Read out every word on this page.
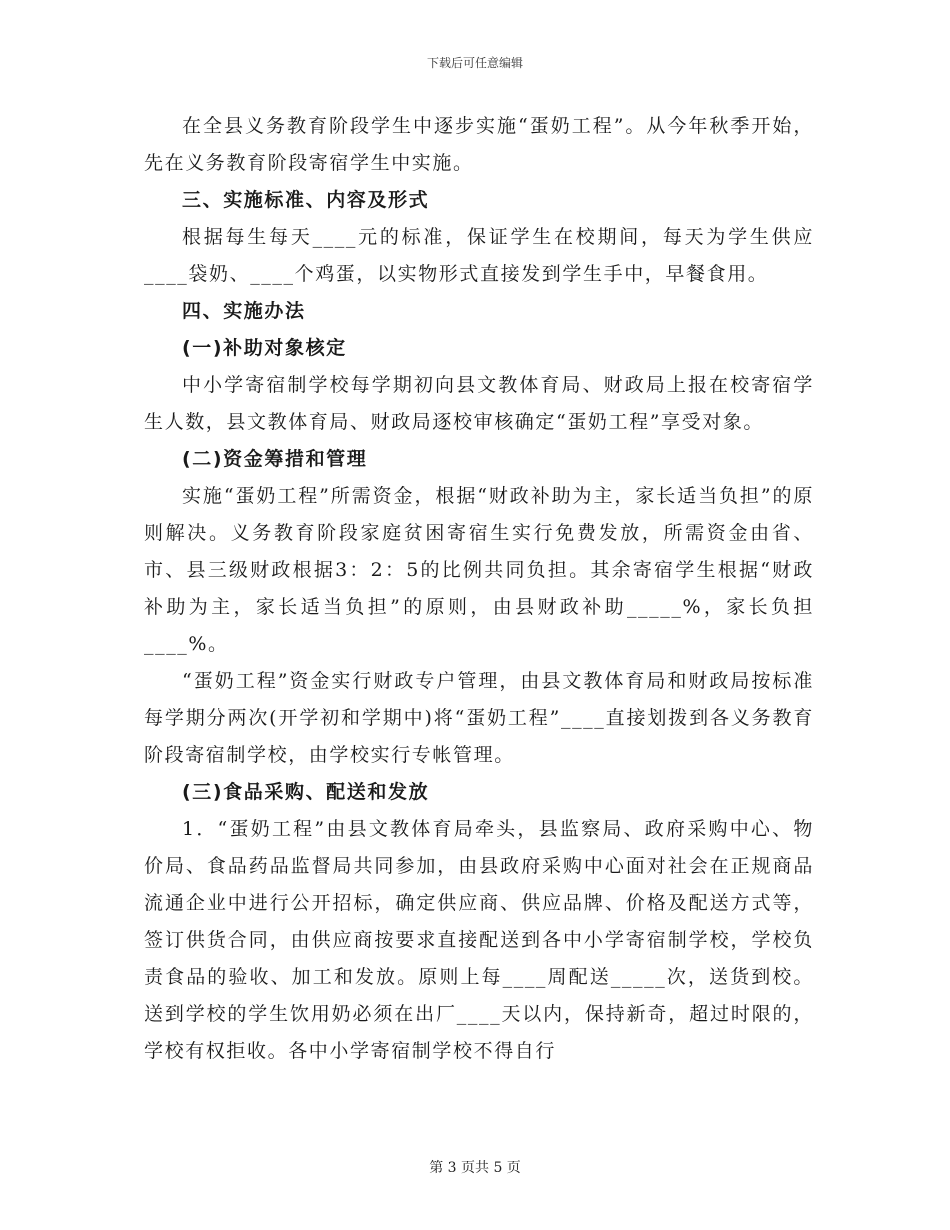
下载后可任意编辑

在全县义务教育阶段学生中逐步实施“蛋奶工程”。从今年秋季开始，先在义务教育阶段寄宿学生中实施。

三、实施标准、内容及形式

根据每生每天____元的标准，保证学生在校期间，每天为学生供应____袋奶、____个鸡蛋，以实物形式直接发到学生手中，早餐食用。

四、实施办法

(一)补助对象核定

中小学寄宿制学校每学期初向县文教体育局、财政局上报在校寄宿学生人数，县文教体育局、财政局逐校审核确定“蛋奶工程”享受对象。

(二)资金筹措和管理

实施“蛋奶工程”所需资金，根据“财政补助为主，家长适当负担”的原则解决。义务教育阶段家庭贫困寄宿生实行免费发放，所需资金由省、市、县三级财政根据3：2：5的比例共同负担。其余寄宿学生根据“财政补助为主，家长适当负担”的原则，由县财政补助_____%，家长负担____%。

“蛋奶工程”资金实行财政专户管理，由县文教体育局和财政局按标准每学期分两次(开学初和学期中)将“蛋奶工程”____直接划拨到各义务教育阶段寄宿制学校，由学校实行专帐管理。

(三)食品采购、配送和发放

1．“蛋奶工程”由县文教体育局牵头，县监察局、政府采购中心、物价局、食品药品监督局共同参加，由县政府采购中心面对社会在正规商品流通企业中进行公开招标，确定供应商、供应品牌、价格及配送方式等，签订供货合同，由供应商按要求直接配送到各中小学寄宿制学校，学校负责食品的验收、加工和发放。原则上每____周配送_____次，送货到校。送到学校的学生饮用奶必须在出厂____天以内，保持新奇，超过时限的，学校有权拒收。各中小学寄宿制学校不得自行

第 3 页共 5 页
